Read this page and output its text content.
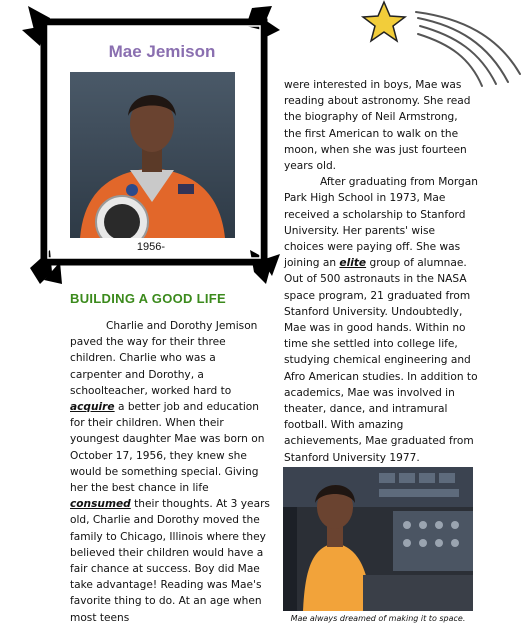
Mae Jemison
1956-
BUILDING A GOOD LIFE

Charlie and Dorothy Jemison paved the way for their three children. Charlie who was a carpenter and Dorothy, a schoolteacher, worked hard to acquire a better job and education for their children. When their youngest daughter Mae was born on October 17, 1956, they knew she would be something special. Giving her the best chance in life consumed their thoughts. At 3 years old, Charlie and Dorothy moved the family to Chicago, Illinois where they believed their children would have a fair chance at success. Boy did Mae take advantage! Reading was Mae's favorite thing to do. At an age when most teens

were interested in boys, Mae was reading about astronomy. She read the biography of Neil Armstrong, the first American to walk on the moon, when she was just fourteen years old.

After graduating from Morgan Park High School in 1973, Mae received a scholarship to Stanford University. Her parents' wise choices were paying off. She was joining an elite group of alumnae. Out of 500 astronauts in the NASA space program, 21 graduated from Stanford University. Undoubtedly, Mae was in good hands. Within no time she settled into college life, studying chemical engineering and Afro American studies. In addition to academics, Mae was involved in theater, dance, and intramural football. With amazing achievements, Mae graduated from Stanford University 1977.

Mae always dreamed of making it to space.
